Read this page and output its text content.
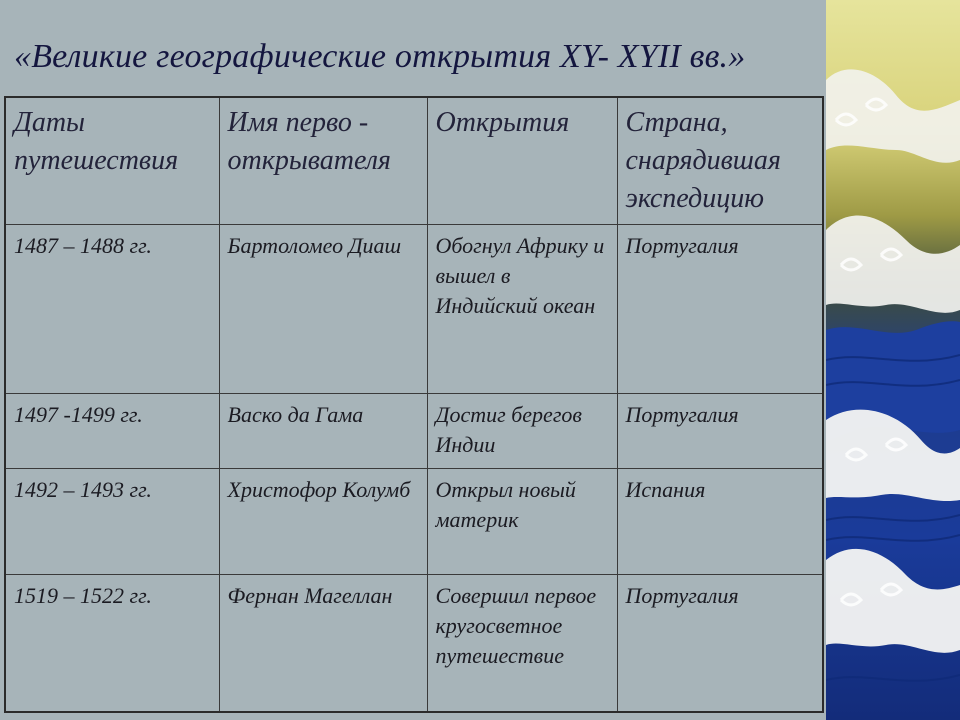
«Великие географические открытия XY- XYII вв.»
Даты путешествия	Имя перво - открывателя	Открытия	Страна, снарядившая экспедицию
1487 – 1488 гг.	Бартоломео Диаш	Обогнул Африку и вышел в Индийский океан	Португалия
1497 -1499 гг.	Васко да Гама	Достиг берегов Индии	Португалия
1492 – 1493 гг.	Христофор Колумб	Открыл новый материк	Испания
1519 – 1522 гг.	Фернан Магеллан	Совершил первое кругосветное путешествие	Португалия
